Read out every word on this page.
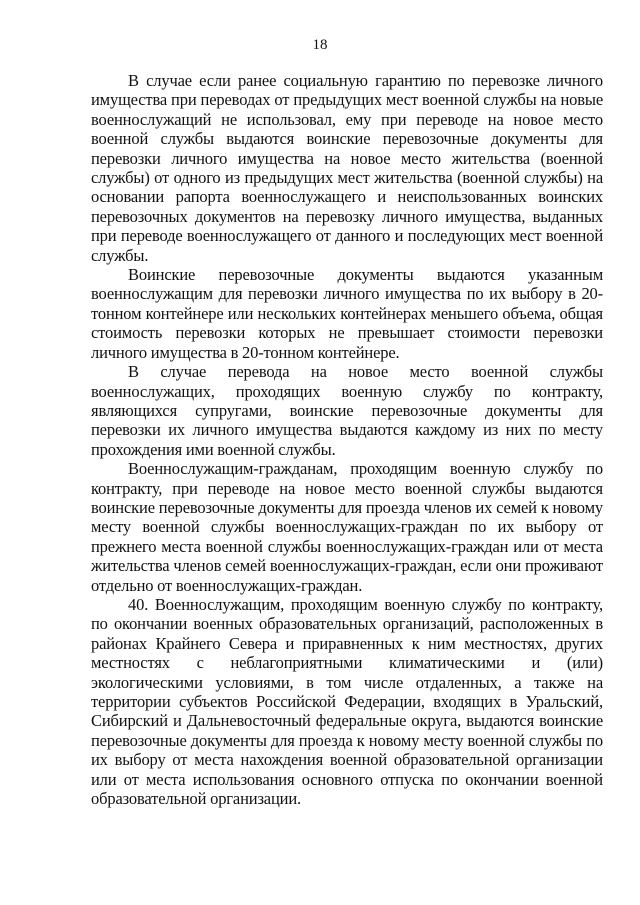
18

В случае если ранее социальную гарантию по перевозке личного имущества при переводах от предыдущих мест военной службы на новые военнослужащий не использовал, ему при переводе на новое место военной службы выдаются воинские перевозочные документы для перевозки личного имущества на новое место жительства (военной службы) от одного из предыдущих мест жительства (военной службы) на основании рапорта военнослужащего и неиспользованных воинских перевозочных документов на перевозку личного имущества, выданных при переводе военнослужащего от данного и последующих мест военной службы.

Воинские перевозочные документы выдаются указанным военнослужащим для перевозки личного имущества по их выбору в 20-тонном контейнере или нескольких контейнерах меньшего объема, общая стоимость перевозки которых не превышает стоимости перевозки личного имущества в 20-тонном контейнере.

В случае перевода на новое место военной службы военнослужащих, проходящих военную службу по контракту, являющихся супругами, воинские перевозочные документы для перевозки их личного имущества выдаются каждому из них по месту прохождения ими военной службы.

Военнослужащим-гражданам, проходящим военную службу по контракту, при переводе на новое место военной службы выдаются воинские перевозочные документы для проезда членов их семей к новому месту военной службы военнослужащих-граждан по их выбору от прежнего места военной службы военнослужащих-граждан или от места жительства членов семей военнослужащих-граждан, если они проживают отдельно от военнослужащих-граждан.

40. Военнослужащим, проходящим военную службу по контракту, по окончании военных образовательных организаций, расположенных в районах Крайнего Севера и приравненных к ним местностях, других местностях с неблагоприятными климатическими и (или) экологическими условиями, в том числе отдаленных, а также на территории субъектов Российской Федерации, входящих в Уральский, Сибирский и Дальневосточный федеральные округа, выдаются воинские перевозочные документы для проезда к новому месту военной службы по их выбору от места нахождения военной образовательной организации или от места использования основного отпуска по окончании военной образовательной организации.
